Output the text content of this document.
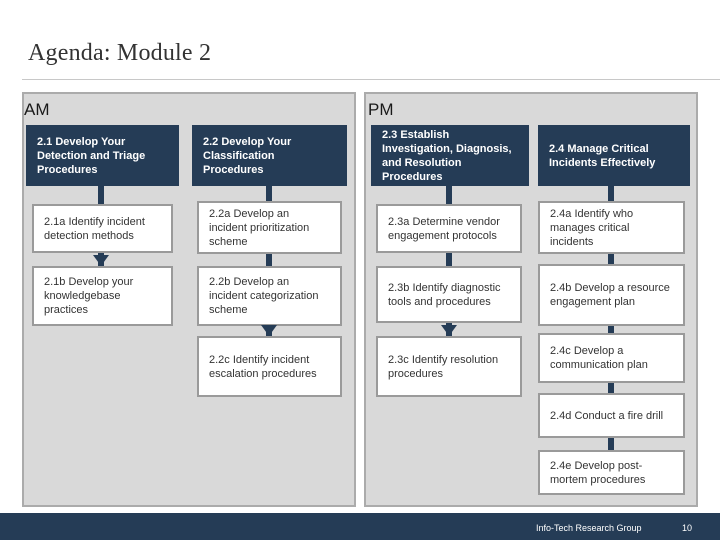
Agenda: Module 2
AM	PM
2.1 Develop Your Detection and Triage Procedures
2.1a Identify incident detection methods
2.1b Develop your knowledgebase practices
2.2 Develop Your Classification Procedures
2.2a Develop an incident prioritization scheme
2.2b Develop an incident categorization scheme
2.2c Identify incident escalation procedures
2.3 Establish Investigation, Diagnosis, and Resolution Procedures
2.3a Determine vendor engagement protocols
2.3b Identify diagnostic tools and procedures
2.3c Identify resolution procedures
2.4 Manage Critical Incidents Effectively
2.4a Identify who manages critical incidents
2.4b Develop a resource engagement plan
2.4c Develop a communication plan
2.4d Conduct a fire drill
2.4e Develop post-mortem procedures
Info-Tech Research Group	10
